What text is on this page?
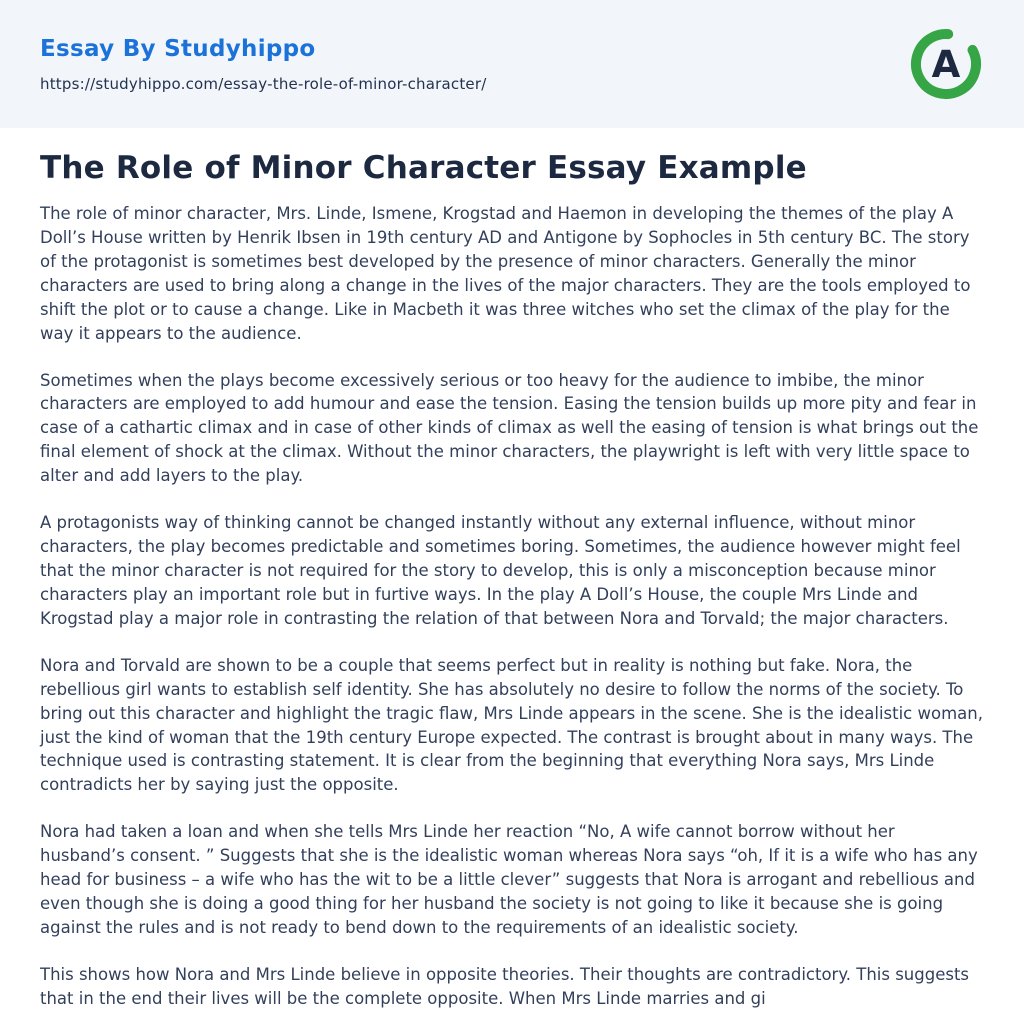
Essay By Studyhippo

https://studyhippo.com/essay-the-role-of-minor-character/	A
The Role of Minor Character Essay Example

The role of minor character, Mrs. Linde, Ismene, Krogstad and Haemon in developing the themes of the play A Doll’s House written by Henrik Ibsen in 19th century AD and Antigone by Sophocles in 5th century BC. The story of the protagonist is sometimes best developed by the presence of minor characters. Generally the minor characters are used to bring along a change in the lives of the major characters. They are the tools employed to shift the plot or to cause a change. Like in Macbeth it was three witches who set the climax of the play for the way it appears to the audience.

Sometimes when the plays become excessively serious or too heavy for the audience to imbibe, the minor characters are employed to add humour and ease the tension. Easing the tension builds up more pity and fear in case of a cathartic climax and in case of other kinds of climax as well the easing of tension is what brings out the final element of shock at the climax. Without the minor characters, the playwright is left with very little space to alter and add layers to the play.

A protagonists way of thinking cannot be changed instantly without any external influence, without minor characters, the play becomes predictable and sometimes boring. Sometimes, the audience however might feel that the minor character is not required for the story to develop, this is only a misconception because minor characters play an important role but in furtive ways. In the play A Doll’s House, the couple Mrs Linde and Krogstad play a major role in contrasting the relation of that between Nora and Torvald; the major characters.

Nora and Torvald are shown to be a couple that seems perfect but in reality is nothing but fake. Nora, the rebellious girl wants to establish self identity. She has absolutely no desire to follow the norms of the society. To bring out this character and highlight the tragic flaw, Mrs Linde appears in the scene. She is the idealistic woman, just the kind of woman that the 19th century Europe expected. The contrast is brought about in many ways. The technique used is contrasting statement. It is clear from the beginning that everything Nora says, Mrs Linde contradicts her by saying just the opposite.

Nora had taken a loan and when she tells Mrs Linde her reaction “No, A wife cannot borrow without her husband’s consent. ” Suggests that she is the idealistic woman whereas Nora says “oh, If it is a wife who has any head for business – a wife who has the wit to be a little clever” suggests that Nora is arrogant and rebellious and even though she is doing a good thing for her husband the society is not going to like it because she is going against the rules and is not ready to bend down to the requirements of an idealistic society.

This shows how Nora and Mrs Linde believe in opposite theories. Their thoughts are contradictory. This suggests that in the end their lives will be the complete opposite. When Mrs Linde marries and gi
